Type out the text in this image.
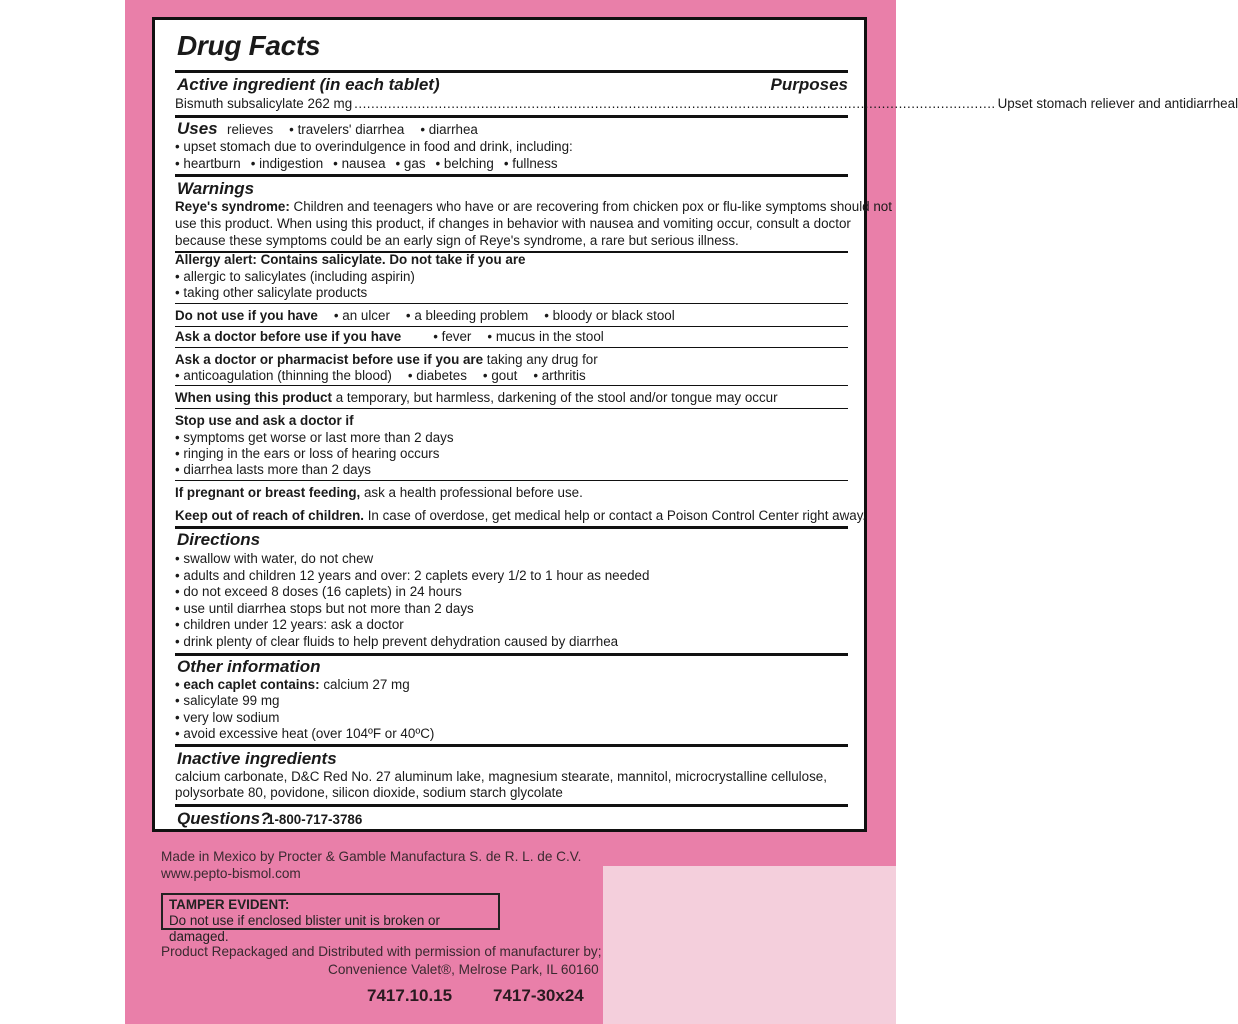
Drug Facts
Active ingredient (in each tablet)	Purposes
Bismuth subsalicylate 262 mg ........................................................................................................................................................ Upset stomach reliever and antidiarrheal
Uses relieves • travelers' diarrhea • diarrhea
• upset stomach due to overindulgence in food and drink, including:
• heartburn • indigestion • nausea • gas • belching • fullness
Warnings
Reye's syndrome: Children and teenagers who have or are recovering from chicken pox or flu-like symptoms should not
use this product. When using this product, if changes in behavior with nausea and vomiting occur, consult a doctor
because these symptoms could be an early sign of Reye's syndrome, a rare but serious illness.
Allergy alert: Contains salicylate. Do not take if you are
• allergic to salicylates (including aspirin)
• taking other salicylate products
Do not use if you have • an ulcer • a bleeding problem • bloody or black stool
Ask a doctor before use if you have • fever • mucus in the stool
Ask a doctor or pharmacist before use if you are taking any drug for
• anticoagulation (thinning the blood) • diabetes • gout • arthritis
When using this product a temporary, but harmless, darkening of the stool and/or tongue may occur
Stop use and ask a doctor if
• symptoms get worse or last more than 2 days
• ringing in the ears or loss of hearing occurs
• diarrhea lasts more than 2 days
If pregnant or breast feeding, ask a health professional before use.
Keep out of reach of children. In case of overdose, get medical help or contact a Poison Control Center right away.
Directions
• swallow with water, do not chew
• adults and children 12 years and over: 2 caplets every 1/2 to 1 hour as needed
• do not exceed 8 doses (16 caplets) in 24 hours
• use until diarrhea stops but not more than 2 days
• children under 12 years: ask a doctor
• drink plenty of clear fluids to help prevent dehydration caused by diarrhea
Other information
• each caplet contains: calcium 27 mg
• salicylate 99 mg
• very low sodium
• avoid excessive heat (over 104ºF or 40ºC)
Inactive ingredients
calcium carbonate, D&C Red No. 27 aluminum lake, magnesium stearate, mannitol, microcrystalline cellulose,
polysorbate 80, povidone, silicon dioxide, sodium starch glycolate
Questions?
1-800-717-3786
Made in Mexico by Procter & Gamble Manufactura S. de R. L. de C.V.
www.pepto-bismol.com
TAMPER EVIDENT:
Do not use if enclosed blister unit is broken or damaged.
Product Repackaged and Distributed with permission of manufacturer by;
Convenience Valet®, Melrose Park, IL 60160
7417.10.15 7417-30x24
